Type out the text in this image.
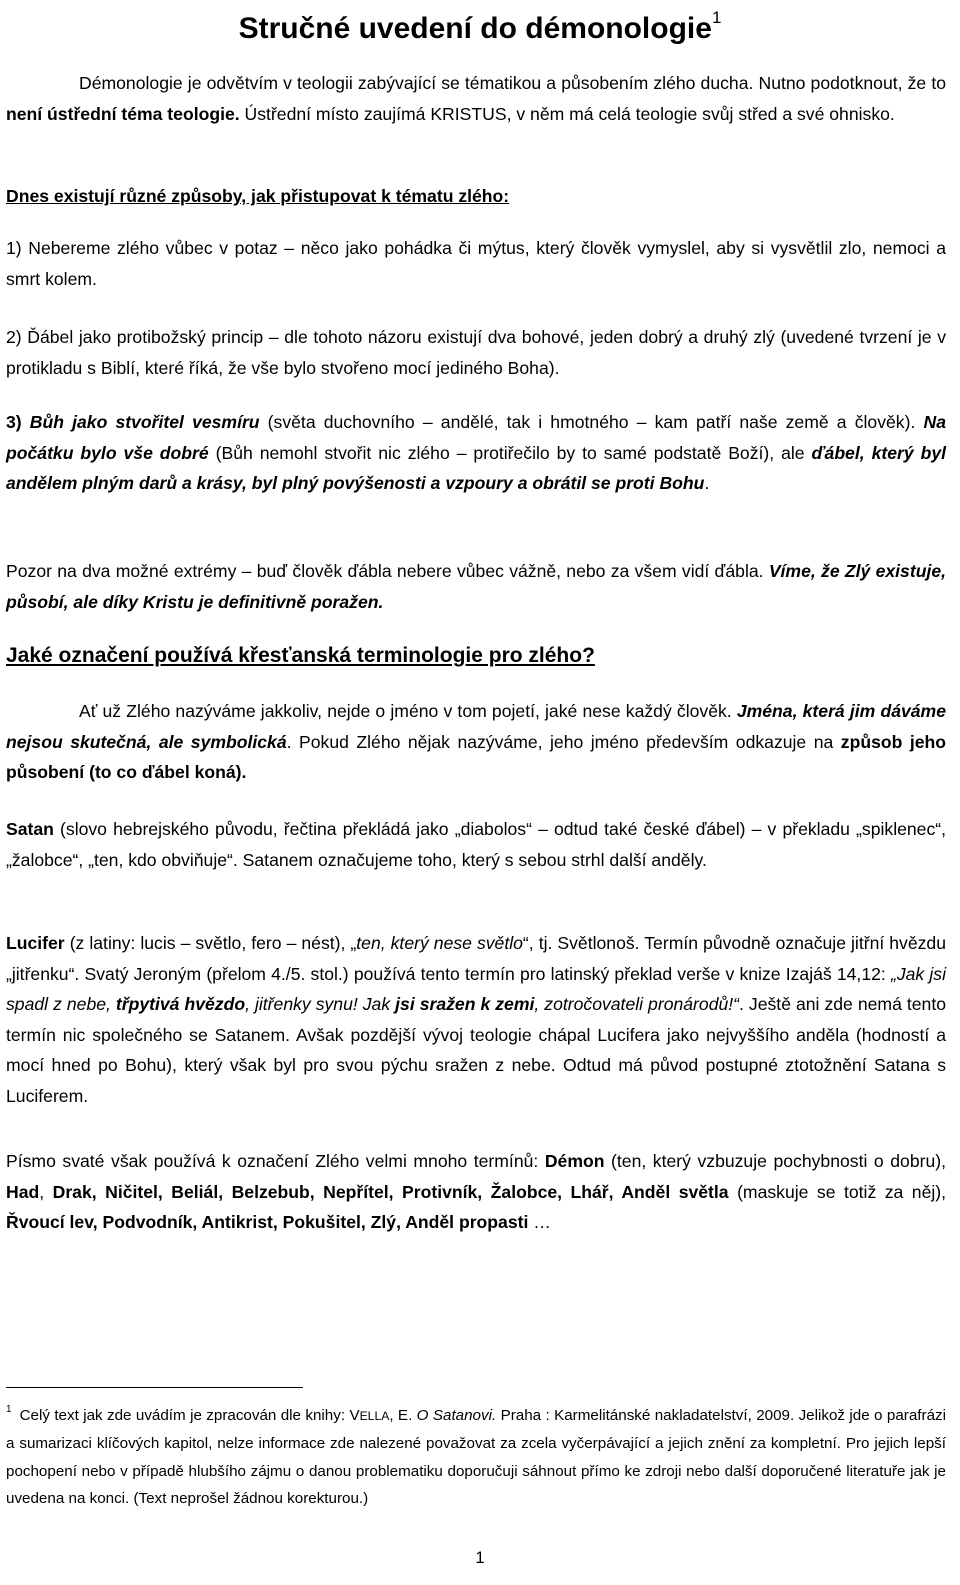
Stručné uvedení do démonologie$^1$

Démonologie je odvětvím v teologii zabývající se tématikou a působením zlého ducha. Nutno podotknout, že to není ústřední téma teologie. Ústřední místo zaujímá KRISTUS, v něm má celá teologie svůj střed a své ohnisko.

Dnes existují různé způsoby, jak přistupovat k tématu zlého:

1) Nebereme zlého vůbec v potaz – něco jako pohádka či mýtus, který člověk vymyslel, aby si vysvětlil zlo, nemoci a smrt kolem.

2) Ďábel jako protibožský princip – dle tohoto názoru existují dva bohové, jeden dobrý a druhý zlý (uvedené tvrzení je v protikladu s Biblí, které říká, že vše bylo stvořeno mocí jediného Boha).

3) Bůh jako stvořitel vesmíru (světa duchovního – andělé, tak i hmotného – kam patří naše země a člověk). Na počátku bylo vše dobré (Bůh nemohl stvořit nic zlého – protiřečilo by to samé podstatě Boží), ale ďábel, který byl andělem plným darů a krásy, byl plný povýšenosti a vzpoury a obrátil se proti Bohu.

Pozor na dva možné extrémy – buď člověk ďábla nebere vůbec vážně, nebo za všem vidí ďábla. Víme, že Zlý existuje, působí, ale díky Kristu je definitivně poražen.

Jaké označení používá křesťanská terminologie pro zlého?

Ať už Zlého nazýváme jakkoliv, nejde o jméno v tom pojetí, jaké nese každý člověk. Jména, která jim dáváme nejsou skutečná, ale symbolická. Pokud Zlého nějak nazýváme, jeho jméno především odkazuje na způsob jeho působení (to co ďábel koná).

Satan (slovo hebrejského původu, řečtina překládá jako „diabolos“ – odtud také české ďábel) – v překladu „spiklenec“, „žalobce“, „ten, kdo obviňuje“. Satanem označujeme toho, který s sebou strhl další anděly.

Lucifer (z latiny: lucis – světlo, fero – nést), „ten, který nese světlo“, tj. Světlonoš. Termín původně označuje jitřní hvězdu „jitřenku“. Svatý Jeroným (přelom 4./5. stol.) používá tento termín pro latinský překlad verše v knize Izajáš 14,12: „Jak jsi spadl z nebe, třpytivá hvězdo, jitřenky synu! Jak jsi sražen k zemi, zotročovateli pronárodů!“. Ještě ani zde nemá tento termín nic společného se Satanem. Avšak pozdější vývoj teologie chápal Lucifera jako nejvyššího anděla (hodností a mocí hned po Bohu), který však byl pro svou pýchu sražen z nebe. Odtud má původ postupné ztotožnění Satana s Luciferem.

Písmo svaté však používá k označení Zlého velmi mnoho termínů: Démon (ten, který vzbuzuje pochybnosti o dobru), Had, Drak, Ničitel, Beliál, Belzebub, Nepřítel, Protivník, Žalobce, Lhář, Anděl světla (maskuje se totiž za něj), Řvoucí lev, Podvodník, Antikrist, Pokušitel, Zlý, Anděl propasti …

$^1$ Celý text jak zde uvádím je zpracován dle knihy: VELLA, E. O Satanovi. Praha : Karmelitánské nakladatelství, 2009. Jelikož jde o parafrázi a sumarizaci klíčových kapitol, nelze informace zde nalezené považovat za zcela vyčerpávající a jejich znění za kompletní. Pro jejich lepší pochopení nebo v případě hlubšího zájmu o danou problematiku doporučuji sáhnout přímo ke zdroji nebo další doporučené literatuře jak je uvedena na konci. (Text neprošel žádnou korekturou.)

1
